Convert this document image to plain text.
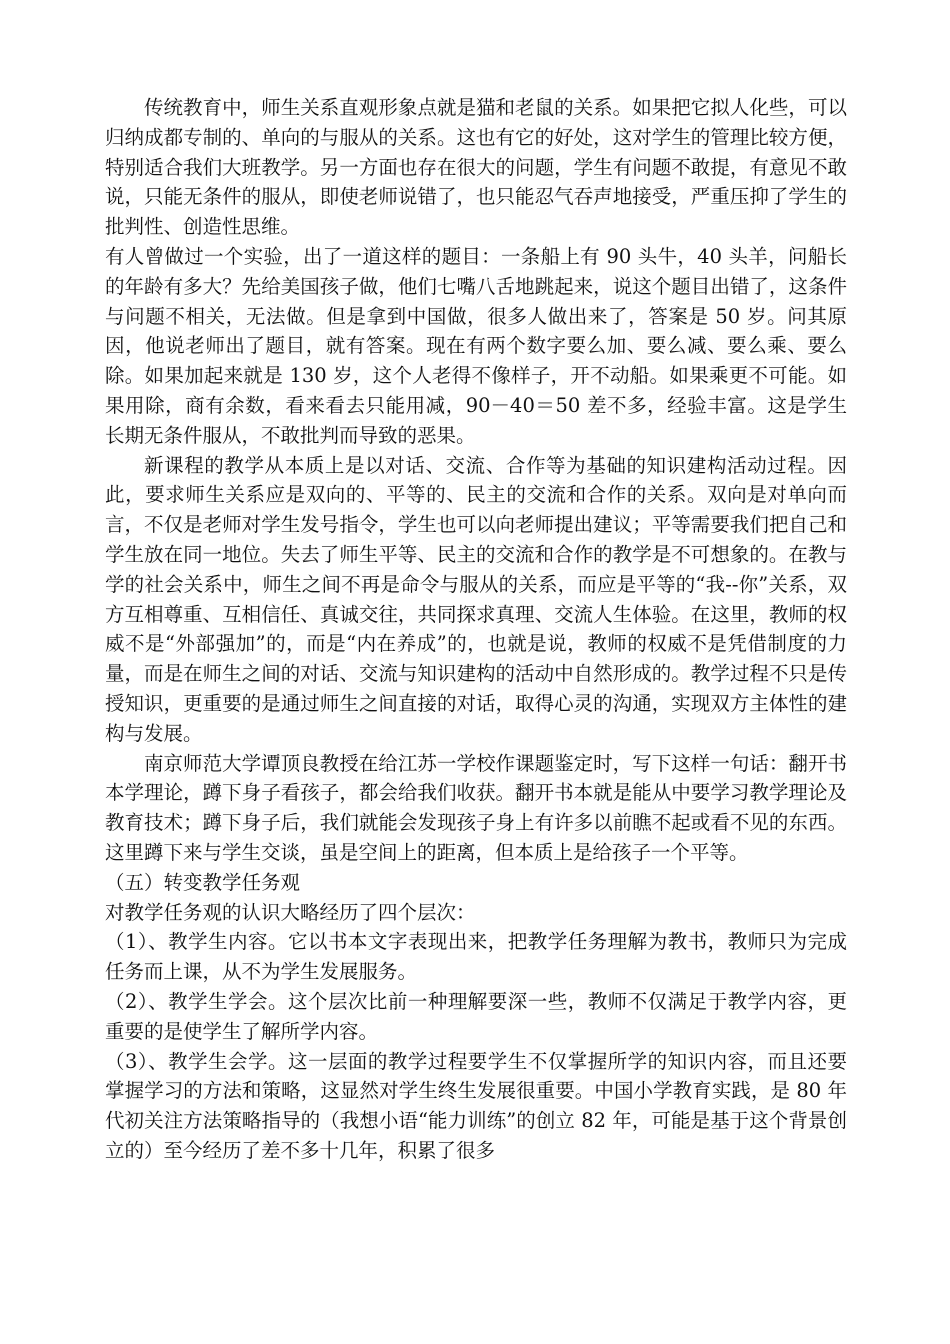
传统教育中，师生关系直观形象点就是猫和老鼠的关系。如果把它拟人化些，可以归纳成都专制的、单向的与服从的关系。这也有它的好处，这对学生的管理比较方便，特别适合我们大班教学。另一方面也存在很大的问题，学生有问题不敢提，有意见不敢说，只能无条件的服从，即使老师说错了，也只能忍气吞声地接受，严重压抑了学生的批判性、创造性思维。

有人曾做过一个实验，出了一道这样的题目：一条船上有 90 头牛，40 头羊，问船长的年龄有多大？先给美国孩子做，他们七嘴八舌地跳起来，说这个题目出错了，这条件与问题不相关，无法做。但是拿到中国做，很多人做出来了，答案是 50 岁。问其原因，他说老师出了题目，就有答案。现在有两个数字要么加、要么减、要么乘、要么除。如果加起来就是 130 岁，这个人老得不像样子，开不动船。如果乘更不可能。如果用除，商有余数，看来看去只能用减，90－40＝50 差不多，经验丰富。这是学生长期无条件服从，不敢批判而导致的恶果。

新课程的教学从本质上是以对话、交流、合作等为基础的知识建构活动过程。因此，要求师生关系应是双向的、平等的、民主的交流和合作的关系。双向是对单向而言，不仅是老师对学生发号指令，学生也可以向老师提出建议；平等需要我们把自己和学生放在同一地位。失去了师生平等、民主的交流和合作的教学是不可想象的。在教与学的社会关系中，师生之间不再是命令与服从的关系，而应是平等的“我--你”关系，双方互相尊重、互相信任、真诚交往，共同探求真理、交流人生体验。在这里，教师的权威不是“外部强加”的，而是“内在养成”的，也就是说，教师的权威不是凭借制度的力量，而是在师生之间的对话、交流与知识建构的活动中自然形成的。教学过程不只是传授知识，更重要的是通过师生之间直接的对话，取得心灵的沟通，实现双方主体性的建构与发展。

南京师范大学谭顶良教授在给江苏一学校作课题鉴定时，写下这样一句话：翻开书本学理论，蹲下身子看孩子，都会给我们收获。翻开书本就是能从中要学习教学理论及教育技术；蹲下身子后，我们就能会发现孩子身上有许多以前瞧不起或看不见的东西。这里蹲下来与学生交谈，虽是空间上的距离，但本质上是给孩子一个平等。

（五）转变教学任务观

对教学任务观的认识大略经历了四个层次：

（1）、教学生内容。它以书本文字表现出来，把教学任务理解为教书，教师只为完成任务而上课，从不为学生发展服务。

（2）、教学生学会。这个层次比前一种理解要深一些，教师不仅满足于教学内容，更重要的是使学生了解所学内容。

（3）、教学生会学。这一层面的教学过程要学生不仅掌握所学的知识内容，而且还要掌握学习的方法和策略，这显然对学生终生发展很重要。中国小学教育实践，是 80 年代初关注方法策略指导的（我想小语“能力训练”的创立 82 年，可能是基于这个背景创立的）至今经历了差不多十几年，积累了很多
